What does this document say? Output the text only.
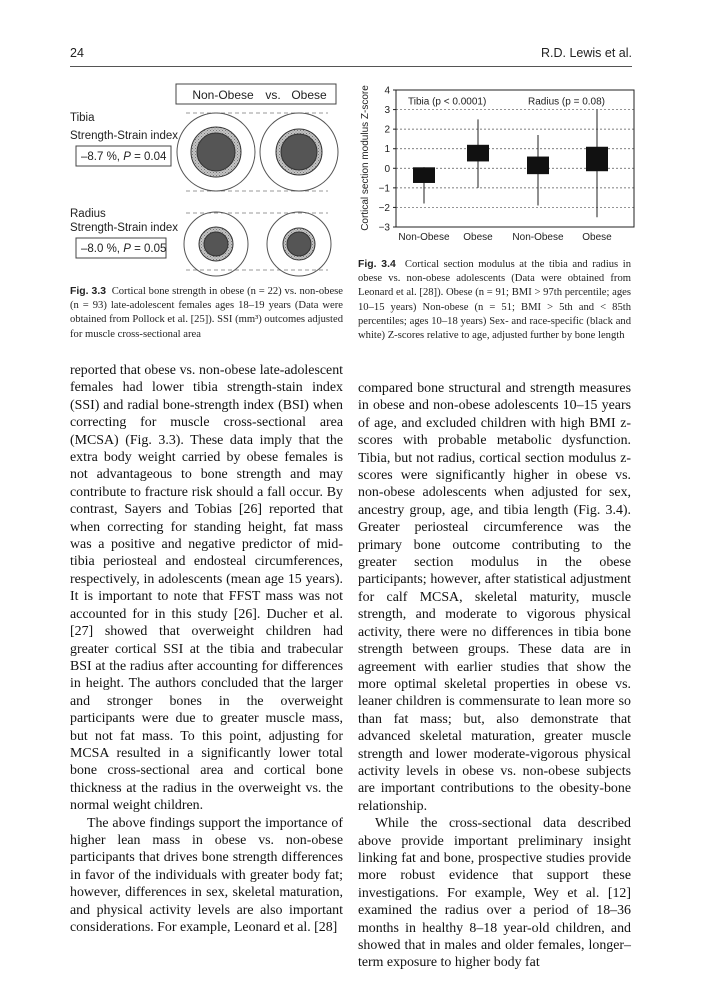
24	R.D. Lewis et al.
Non-Obese vs. Obese
Tibia
Strength-Strain index
–8.7 %, P = 0.04
Radius
Strength-Strain index
–8.0 %, P = 0.05
Cortical section modulus Z-score −3
−2
−1
0
1
2
3
4
Tibia (p < 0.0001)	Radius (p = 0.08)
Non-Obese Obese Non-Obese Obese
Fig. 3.3 Cortical bone strength in obese (n = 22) vs. non-obese (n = 93) late-adolescent females ages 18–19 years (Data were obtained from Pollock et al. [25]). SSI (mm³) outcomes adjusted for muscle cross-sectional area
Fig. 3.4 Cortical section modulus at the tibia and radius in obese vs. non-obese adolescents (Data were obtained from Leonard et al. [28]). Obese (n = 91; BMI > 97th percentile; ages 10–15 years) Non-obese (n = 51; BMI > 5th and < 85th percentiles; ages 10–18 years) Sex- and race-specific (black and white) Z-scores relative to age, adjusted further by bone length

reported that obese vs. non-obese late-adolescent females had lower tibia strength-stain index (SSI) and radial bone-strength index (BSI) when correcting for muscle cross-sectional area (MCSA) (Fig. 3.3). These data imply that the extra body weight carried by obese females is not advantageous to bone strength and may contribute to fracture risk should a fall occur. By contrast, Sayers and Tobias [26] reported that when correcting for standing height, fat mass was a positive and negative predictor of mid-tibia periosteal and endosteal circumferences, respectively, in adolescents (mean age 15 years). It is important to note that FFST mass was not accounted for in this study [26]. Ducher et al. [27] showed that overweight children had greater cortical SSI at the tibia and trabecular BSI at the radius after accounting for differences in height. The authors concluded that the larger and stronger bones in the overweight participants were due to greater muscle mass, but not fat mass. To this point, adjusting for MCSA resulted in a significantly lower total bone cross-sectional area and cortical bone thickness at the radius in the overweight vs. the normal weight children.

The above findings support the importance of higher lean mass in obese vs. non-obese participants that drives bone strength differences in favor of the individuals with greater body fat; however, differences in sex, skeletal maturation, and physical activity levels are also important considerations. For example, Leonard et al. [28]

compared bone structural and strength measures in obese and non-obese adolescents 10–15 years of age, and excluded children with high BMI z-scores with probable metabolic dysfunction. Tibia, but not radius, cortical section modulus z-scores were significantly higher in obese vs. non-obese adolescents when adjusted for sex, ancestry group, age, and tibia length (Fig. 3.4). Greater periosteal circumference was the primary bone outcome contributing to the greater section modulus in the obese participants; however, after statistical adjustment for calf MCSA, skeletal maturity, muscle strength, and moderate to vigorous physical activity, there were no differences in tibia bone strength between groups. These data are in agreement with earlier studies that show the more optimal skeletal properties in obese vs. leaner children is commensurate to lean more so than fat mass; but, also demonstrate that advanced skeletal maturation, greater muscle strength and lower moderate-vigorous physical activity levels in obese vs. non-obese subjects are important contributions to the obesity-bone relationship.

While the cross-sectional data described above provide important preliminary insight linking fat and bone, prospective studies provide more robust evidence that support these investigations. For example, Wey et al. [12] examined the radius over a period of 18–36 months in healthy 8–18 year-old children, and showed that in males and older females, longer–term exposure to higher body fat
